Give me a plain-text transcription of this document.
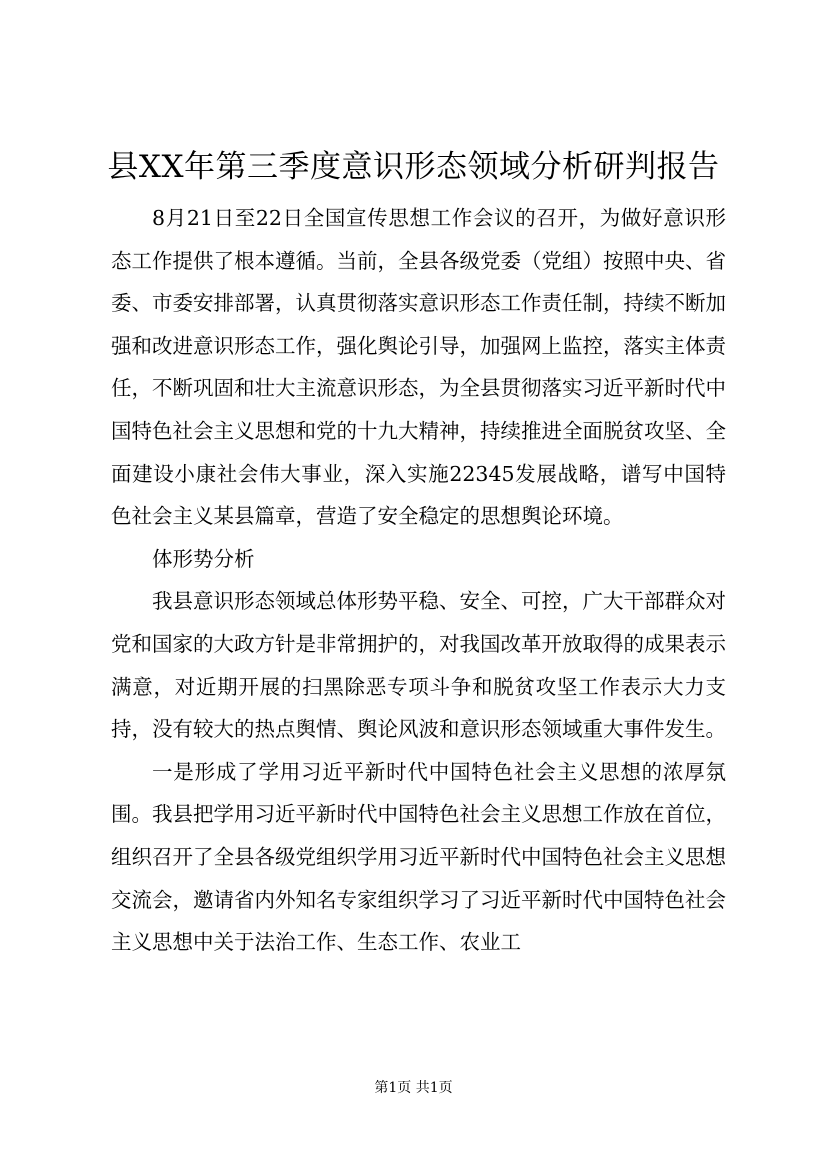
县XX年第三季度意识形态领域分析研判报告

8月21日至22日全国宣传思想工作会议的召开，为做好意识形态工作提供了根本遵循。当前，全县各级党委（党组）按照中央、省委、市委安排部署，认真贯彻落实意识形态工作责任制，持续不断加强和改进意识形态工作，强化舆论引导，加强网上监控，落实主体责任，不断巩固和壮大主流意识形态，为全县贯彻落实习近平新时代中国特色社会主义思想和党的十九大精神，持续推进全面脱贫攻坚、全面建设小康社会伟大事业，深入实施22345发展战略，谱写中国特色社会主义某县篇章，营造了安全稳定的思想舆论环境。

体形势分析

我县意识形态领域总体形势平稳、安全、可控，广大干部群众对党和国家的大政方针是非常拥护的，对我国改革开放取得的成果表示满意，对近期开展的扫黑除恶专项斗争和脱贫攻坚工作表示大力支持，没有较大的热点舆情、舆论风波和意识形态领域重大事件发生。

一是形成了学用习近平新时代中国特色社会主义思想的浓厚氛围。我县把学用习近平新时代中国特色社会主义思想工作放在首位，组织召开了全县各级党组织学用习近平新时代中国特色社会主义思想交流会，邀请省内外知名专家组织学习了习近平新时代中国特色社会主义思想中关于法治工作、生态工作、农业工

第1页 共1页
